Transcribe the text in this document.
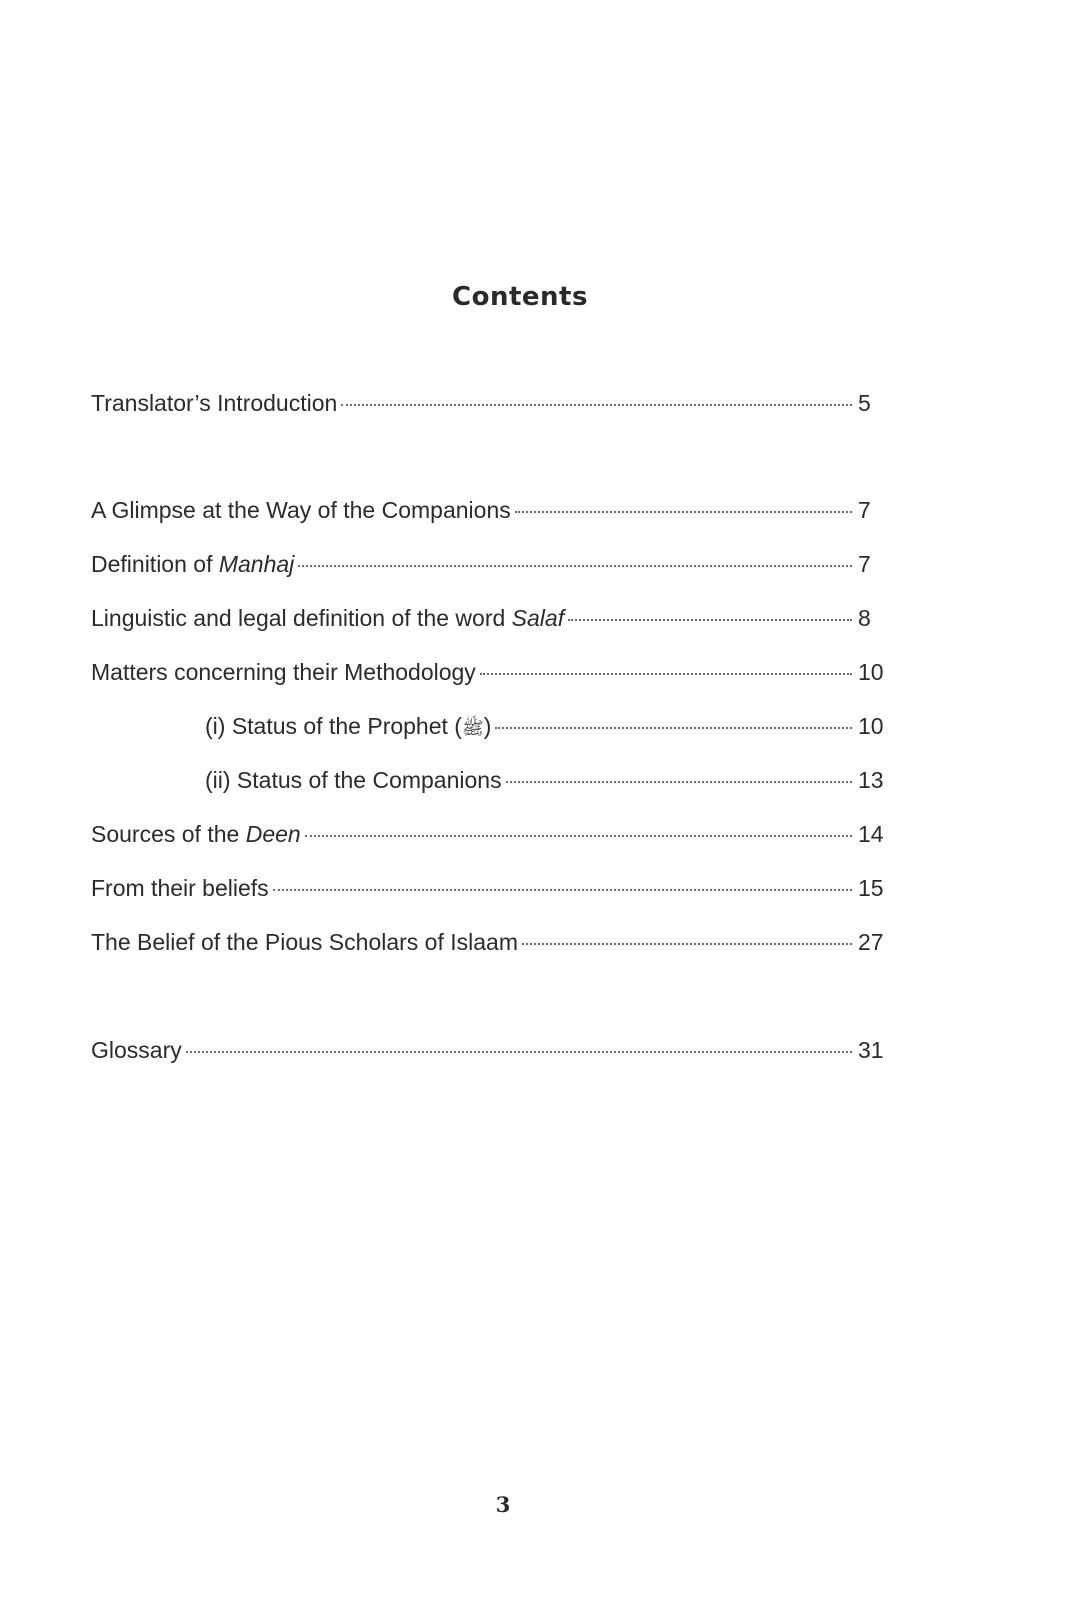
Contents
Translator’s Introduction	5
A Glimpse at the Way of the Companions	7
Definition of Manhaj	7
Linguistic and legal definition of the word Salaf	8
Matters concerning their Methodology	10
(i) Status of the Prophet (ﷺ)	10
(ii) Status of the Companions	13
Sources of the Deen	14
From their beliefs	15
The Belief of the Pious Scholars of Islaam	27
Glossary	31
3
